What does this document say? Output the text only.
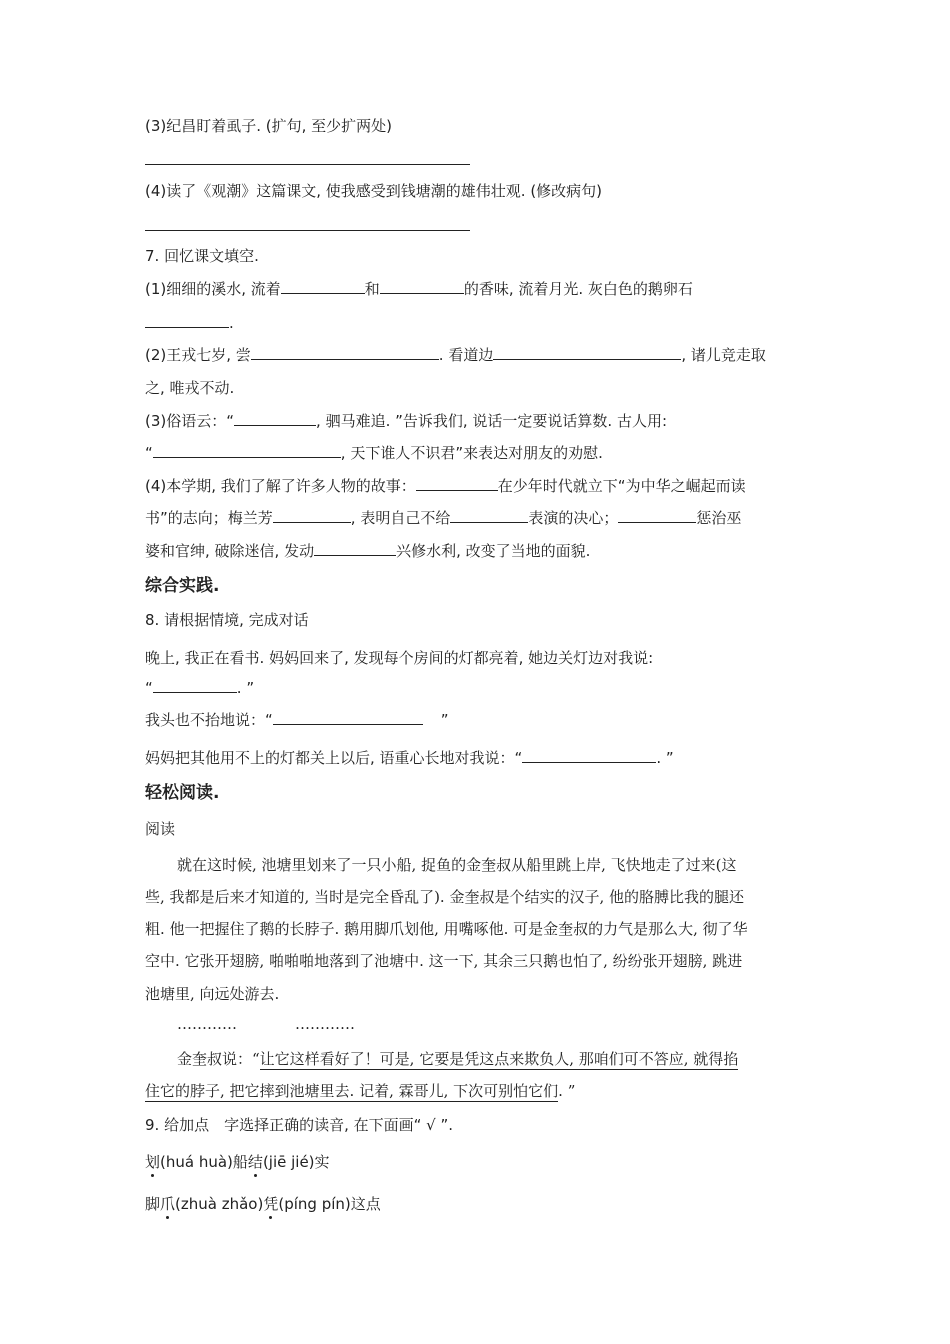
(3)纪昌盯着虱子. (扩句, 至少扩两处)
(4)读了《观潮》这篇课文, 使我感受到钱塘潮的雄伟壮观. (修改病句)
7. 回忆课文填空.
(1)细细的溪水, 流着	和	的香味, 流着月光. 灰白色的鹅卵石
.
(2)王戎七岁, 尝	. 看道边	, 诸儿竞走取
之, 唯戎不动.
(3)俗语云：“	, 驷马难追. ”告诉我们, 说话一定要说话算数. 古人用:
“	, 天下谁人不识君”来表达对朋友的劝慰.
(4)本学期, 我们了解了许多人物的故事：	在少年时代就立下“为中华之崛起而读
书”的志向；梅兰芳	, 表明自己不给	表演的决心；	惩治巫
婆和官绅, 破除迷信, 发动	兴修水利, 改变了当地的面貌.
综合实践.
8. 请根据情境, 完成对话
晚上, 我正在看书. 妈妈回来了, 发现每个房间的灯都亮着, 她边关灯边对我说:
“	. ”
我头也不抬地说：“	”
妈妈把其他用不上的灯都关上以后, 语重心长地对我说：“	. ”
轻松阅读.
阅读
就在这时候, 池塘里划来了一只小船, 捉鱼的金奎叔从船里跳上岸, 飞快地走了过来(这
些, 我都是后来才知道的, 当时是完全昏乱了). 金奎叔是个结实的汉子, 他的胳膊比我的腿还
粗. 他一把握住了鹅的长脖子. 鹅用脚爪划他, 用嘴啄他. 可是金奎叔的力气是那么大, 彻了华
空中. 它张开翅膀, 啪啪啪地落到了池塘中. 这一下, 其余三只鹅也怕了, 纷纷张开翅膀, 跳进
池塘里, 向远处游去.
…………	…………
金奎叔说：“让它这样看好了！可是, 它要是凭这点来欺负人, 那咱们可不答应, 就得掐
住它的脖子, 把它摔到池塘里去. 记着, 霖哥儿, 下次可别怕它们. ”
9. 给加点　字选择正确的读音, 在下面画“ √ ”.
划(huá huà)船结(jiē jié)实
脚爪(zhuà zhǎo)凭(píng pín)这点
